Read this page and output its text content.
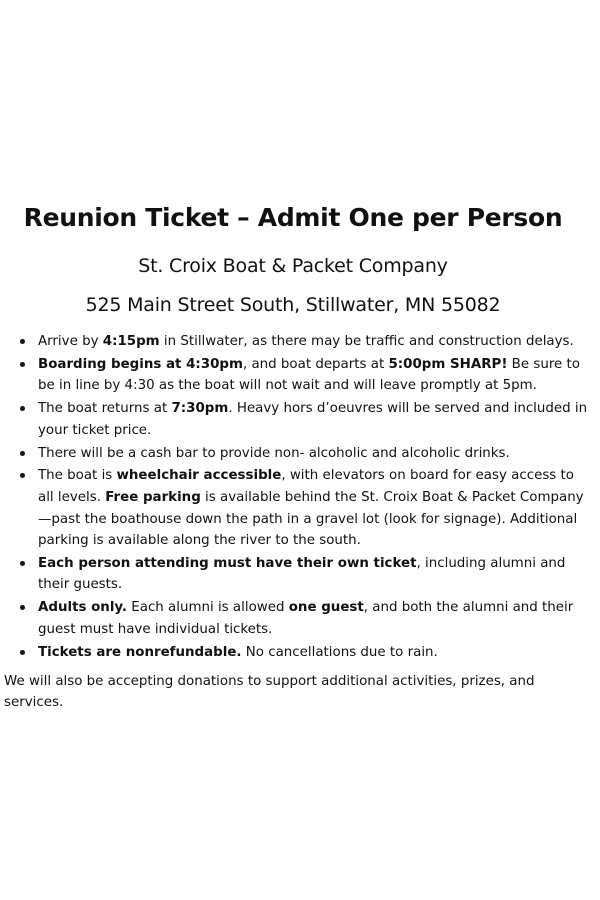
Reunion Ticket – Admit One per Person

St. Croix Boat & Packet Company

525 Main Street South, Stillwater, MN 55082

Arrive by 4:15pm in Stillwater, as there may be traffic and construction delays.
Boarding begins at 4:30pm, and boat departs at 5:00pm SHARP! Be sure to be in line by 4:30 as the boat will not wait and will leave promptly at 5pm.
The boat returns at 7:30pm. Heavy hors d’oeuvres will be served and included in your ticket price.
There will be a cash bar to provide non- alcoholic and alcoholic drinks.
The boat is wheelchair accessible, with elevators on board for easy access to all levels. Free parking is available behind the St. Croix Boat & Packet Company—past the boathouse down the path in a gravel lot (look for signage). Additional parking is available along the river to the south.
Each person attending must have their own ticket, including alumni and their guests.
Adults only. Each alumni is allowed one guest, and both the alumni and their guest must have individual tickets.
Tickets are nonrefundable. No cancellations due to rain.

We will also be accepting donations to support additional activities, prizes, and services.
